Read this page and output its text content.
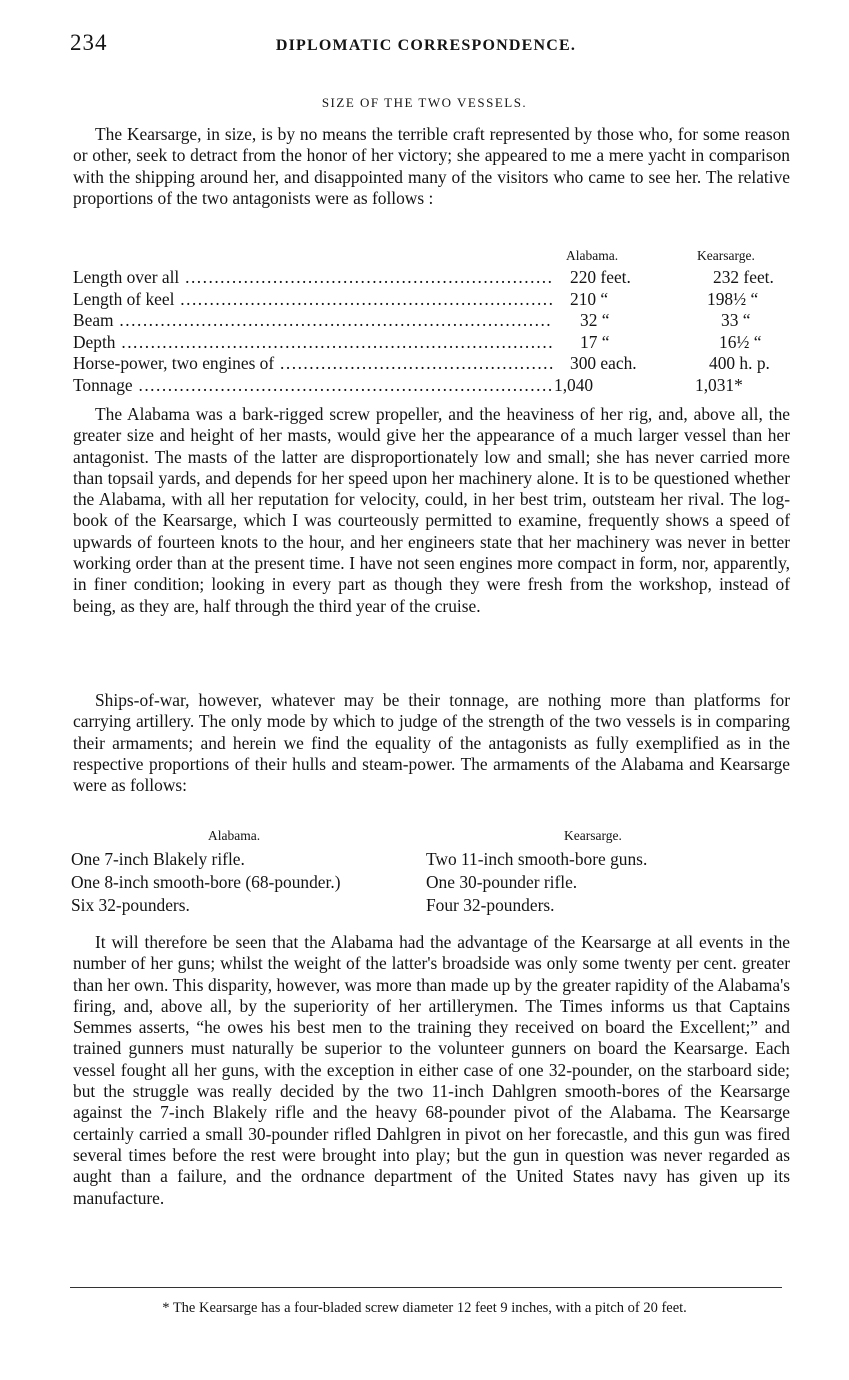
234	DIPLOMATIC CORRESPONDENCE.
SIZE OF THE TWO VESSELS.

The Kearsarge, in size, is by no means the terrible craft represented by those who, for some reason or other, seek to detract from the honor of her victory; she appeared to me a mere yacht in comparison with the shipping around her, and disappointed many of the visitors who came to see her. The relative proportions of the two antagonists were as follows :

Alabama.	Kearsarge.
Length over all .....	220 feet.	232 feet.
Length of keel .....	210 “	198½ “
Beam .....	32 “	33 “
Depth .....	17 “	16½ “
Horse-power, two engines of .....	300 each.	400 h. p.
Tonnage .....	1,040	1,031*

The Alabama was a bark-rigged screw propeller, and the heaviness of her rig, and, above all, the greater size and height of her masts, would give her the appearance of a much larger vessel than her antagonist. The masts of the latter are disproportionately low and small; she has never carried more than topsail yards, and depends for her speed upon her machinery alone. It is to be questioned whether the Alabama, with all her reputation for velocity, could, in her best trim, outsteam her rival. The log-book of the Kearsarge, which I was courteously permitted to examine, frequently shows a speed of upwards of fourteen knots to the hour, and her engineers state that her machinery was never in better working order than at the present time. I have not seen engines more compact in form, nor, apparently, in finer condition; looking in every part as though they were fresh from the workshop, instead of being, as they are, half through the third year of the cruise.

Ships-of-war, however, whatever may be their tonnage, are nothing more than platforms for carrying artillery. The only mode by which to judge of the strength of the two vessels is in comparing their armaments; and herein we find the equality of the antagonists as fully exemplified as in the respective proportions of their hulls and steam-power. The armaments of the Alabama and Kearsarge were as follows:

Alabama.	Kearsarge.
One 7-inch Blakely rifle.	Two 11-inch smooth-bore guns.
One 8-inch smooth-bore (68-pounder.)	One 30-pounder rifle.
Six 32-pounders.	Four 32-pounders.

It will therefore be seen that the Alabama had the advantage of the Kearsarge at all events in the number of her guns; whilst the weight of the latter's broadside was only some twenty per cent. greater than her own. This disparity, however, was more than made up by the greater rapidity of the Alabama's firing, and, above all, by the superiority of her artillerymen. The Times informs us that Captains Semmes asserts, “he owes his best men to the training they received on board the Excellent;” and trained gunners must naturally be superior to the volunteer gunners on board the Kearsarge. Each vessel fought all her guns, with the exception in either case of one 32-pounder, on the starboard side; but the struggle was really decided by the two 11-inch Dahlgren smooth-bores of the Kearsarge against the 7-inch Blakely rifle and the heavy 68-pounder pivot of the Alabama. The Kearsarge certainly carried a small 30-pounder rifled Dahlgren in pivot on her forecastle, and this gun was fired several times before the rest were brought into play; but the gun in question was never regarded as aught than a failure, and the ordnance department of the United States navy has given up its manufacture.

* The Kearsarge has a four-bladed screw diameter 12 feet 9 inches, with a pitch of 20 feet.
